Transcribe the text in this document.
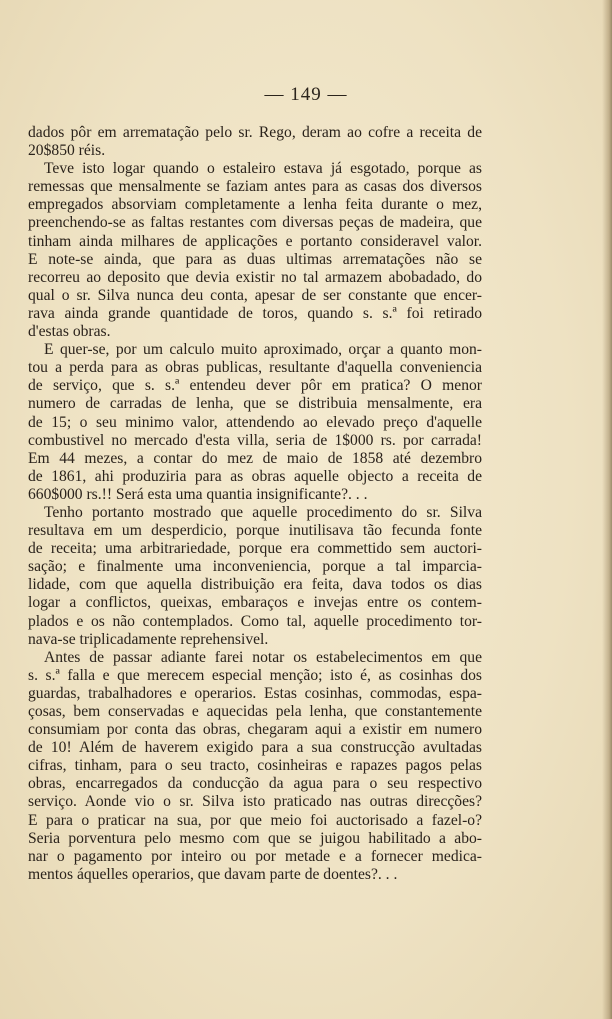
— 149 —

dados pôr em arrematação pelo sr. Rego, deram ao cofre a receita de
20$850 réis.

Teve isto logar quando o estaleiro estava já esgotado, porque as
remessas que mensalmente se faziam antes para as casas dos diversos
empregados absorviam completamente a lenha feita durante o mez,
preenchendo-se as faltas restantes com diversas peças de madeira, que
tinham ainda milhares de applicações e portanto consideravel valor.
E note-se ainda, que para as duas ultimas arrematações não se
recorreu ao deposito que devia existir no tal armazem abobadado, do
qual o sr. Silva nunca deu conta, apesar de ser constante que encer-
rava ainda grande quantidade de toros, quando s. s.ª foi retirado
d'estas obras.

E quer-se, por um calculo muito aproximado, orçar a quanto mon-
tou a perda para as obras publicas, resultante d'aquella conveniencia
de serviço, que s. s.ª entendeu dever pôr em pratica? O menor
numero de carradas de lenha, que se distribuia mensalmente, era
de 15; o seu minimo valor, attendendo ao elevado preço d'aquelle
combustivel no mercado d'esta villa, seria de 1$000 rs. por carrada!
Em 44 mezes, a contar do mez de maio de 1858 até dezembro
de 1861, ahi produziria para as obras aquelle objecto a receita de
660$000 rs.!! Será esta uma quantia insignificante?. . .

Tenho portanto mostrado que aquelle procedimento do sr. Silva
resultava em um desperdicio, porque inutilisava tão fecunda fonte
de receita; uma arbitrariedade, porque era commettido sem auctori-
sação; e finalmente uma inconveniencia, porque a tal imparcia-
lidade, com que aquella distribuição era feita, dava todos os dias
logar a conflictos, queixas, embaraços e invejas entre os contem-
plados e os não contemplados. Como tal, aquelle procedimento tor-
nava-se triplicadamente reprehensivel.

Antes de passar adiante farei notar os estabelecimentos em que
s. s.ª falla e que merecem especial menção; isto é, as cosinhas dos
guardas, trabalhadores e operarios. Estas cosinhas, commodas, espa-
çosas, bem conservadas e aquecidas pela lenha, que constantemente
consumiam por conta das obras, chegaram aqui a existir em numero
de 10! Além de haverem exigido para a sua construcção avultadas
cifras, tinham, para o seu tracto, cosinheiras e rapazes pagos pelas
obras, encarregados da conducção da agua para o seu respectivo
serviço. Aonde vio o sr. Silva isto praticado nas outras direcções?
E para o praticar na sua, por que meio foi auctorisado a fazel-o?
Seria porventura pelo mesmo com que se juigou habilitado a abo-
nar o pagamento por inteiro ou por metade e a fornecer medica-
mentos áquelles operarios, que davam parte de doentes?. . .
